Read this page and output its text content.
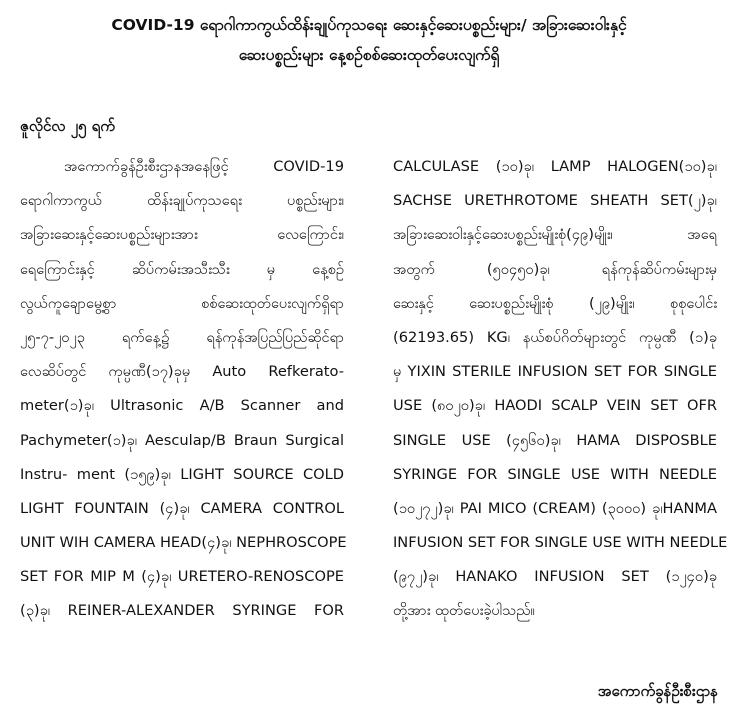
COVID-19 ရောဂါကာကွယ်ထိန်းချုပ်ကုသရေး ဆေးနှင့်ဆေးပစ္စည်းများ/ အခြားဆေးဝါးနှင့်
ဆေးပစ္စည်းများ နေ့စဉ်စစ်ဆေးထုတ်ပေးလျက်ရှိ
ဇူလိုင်လ ၂၅ ရက်
အကောက်ခွန်ဦးစီးဌာနအနေဖြင့် COVID-19
ရောဂါကာကွယ် ထိန်းချုပ်ကုသရေး ပစ္စည်းများ၊
အခြားဆေးနှင့်ဆေးပစ္စည်းများအား လေကြောင်း၊
ရေကြောင်းနှင့် ဆိပ်ကမ်းအသီးသီး မှ နေ့စဉ်
လွယ်ကူချောမွေ့စွာ စစ်ဆေးထုတ်ပေးလျက်ရှိရာ
၂၅-၇-၂၀၂၃ ရက်နေ့၌ ရန်ကုန်အပြည်ပြည်ဆိုင်ရာ
လေဆိပ်တွင် ကုမ္ပဏီ(၁၇)ခုမှ Auto Refkerato-
meter(၁)ခု၊ Ultrasonic A/B Scanner and
Pachymeter(၁)ခု၊ Aesculap/B Braun Surgical
Instru- ment (၁၅၉)ခု၊ LIGHT SOURCE COLD
LIGHT FOUNTAIN (၄)ခု၊ CAMERA CONTROL
UNIT WIH CAMERA HEAD(၄)ခု၊ NEPHROSCOPE
SET FOR MIP M (၄)ခု၊ URETERO-RENOSCOPE
(၃)ခု၊ REINER-ALEXANDER SYRINGE FOR
CALCULASE (၁၀)ခု၊ LAMP HALOGEN(၁၀)ခု၊
SACHSE URETHROTOME SHEATH SET(၂)ခု၊
အခြားဆေးဝါးနှင့်ဆေးပစ္စည်းမျိုးစုံ(၄၉)မျိုး၊ အရေ
အတွက် (၅၀၄၅၀)ခု၊ ရန်ကုန်ဆိပ်ကမ်းများမှ
ဆေးနှင့် ဆေးပစ္စည်းမျိုးစုံ (၂၉)မျိုး၊ စုစုပေါင်း
(62193.65) KG၊ နယ်စပ်ဂိတ်များတွင် ကုမ္ပဏီ (၁)ခု
မှ YIXIN STERILE INFUSION SET FOR SINGLE
USE (၈၀၂၀)ခု၊ HAODI SCALP VEIN SET OFR
SINGLE USE (၄၅၆၀)ခု၊ HAMA DISPOSBLE
SYRINGE FOR SINGLE USE WITH NEEDLE
(၁၀၂၇၂)ခု၊ PAI MICO (CREAM) (၃၀၀၀) ခု၊HANMA
INFUSION SET FOR SINGLE USE WITH NEEDLE
(၉၇၂)ခု၊ HANAKO INFUSION SET (၁၂၄၀)ခု
တို့အား ထုတ်ပေးခဲ့ပါသည်။
အကောက်ခွန်ဦးစီးဌာန
